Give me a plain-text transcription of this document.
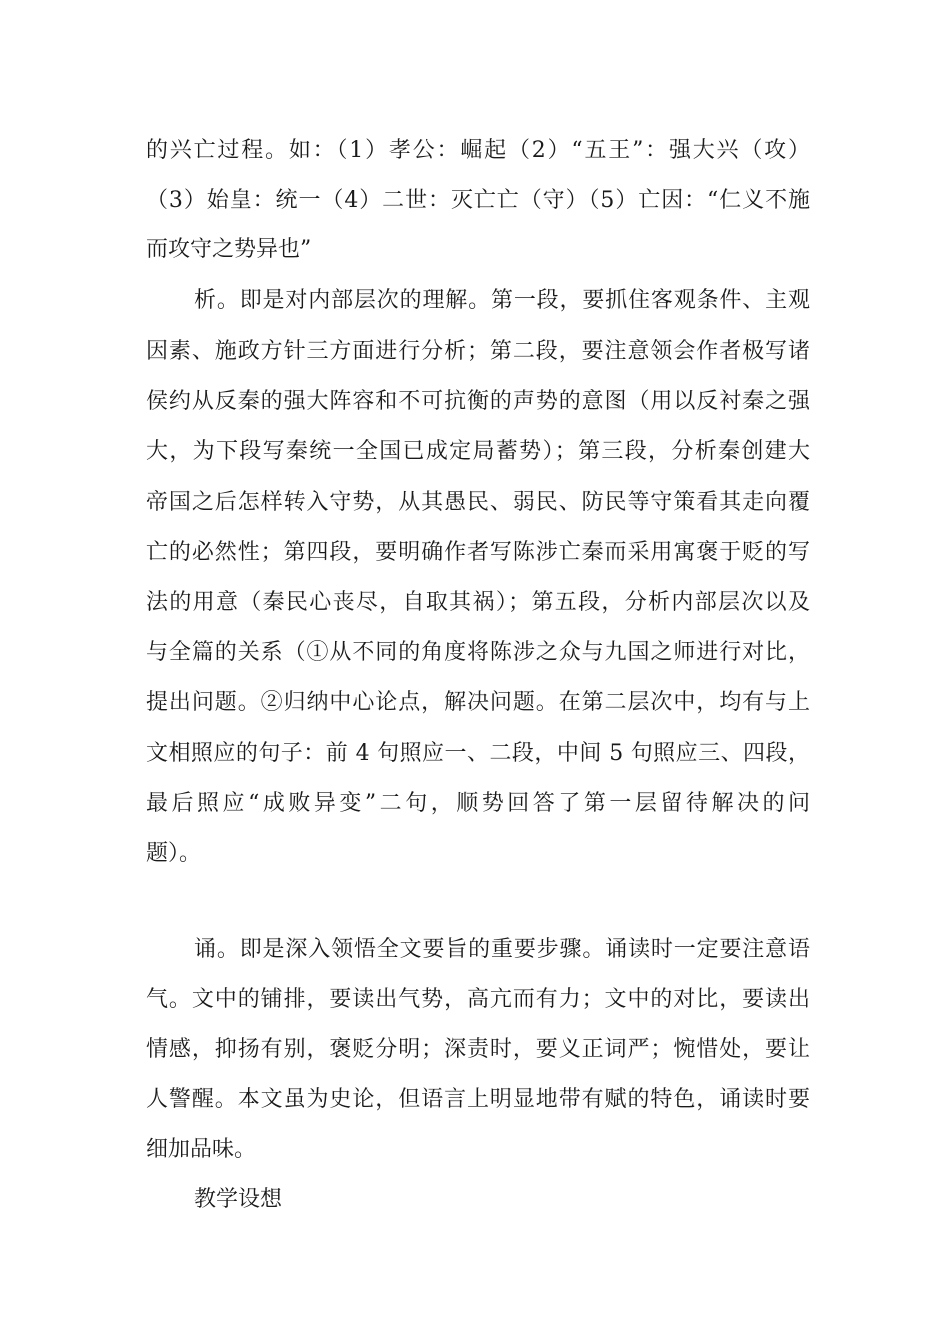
的兴亡过程。如：（1）孝公：崛起（2）“五王”：强大兴（攻）

（3）始皇：统一（4）二世：灭亡亡（守）（5）亡因：“仁义不施

而攻守之势异也”

析。即是对内部层次的理解。第一段，要抓住客观条件、主观

因素、施政方针三方面进行分析；第二段，要注意领会作者极写诸

侯约从反秦的强大阵容和不可抗衡的声势的意图（用以反衬秦之强

大，为下段写秦统一全国已成定局蓄势）；第三段，分析秦创建大

帝国之后怎样转入守势，从其愚民、弱民、防民等守策看其走向覆

亡的必然性；第四段，要明确作者写陈涉亡秦而采用寓褒于贬的写

法的用意（秦民心丧尽，自取其祸）；第五段，分析内部层次以及

与全篇的关系（①从不同的角度将陈涉之众与九国之师进行对比，

提出问题。②归纳中心论点，解决问题。在第二层次中，均有与上

文相照应的句子：前 4 句照应一、二段，中间 5 句照应三、四段，

最后照应“成败异变”二句，顺势回答了第一层留待解决的问

题）。

诵。即是深入领悟全文要旨的重要步骤。诵读时一定要注意语

气。文中的铺排，要读出气势，高亢而有力；文中的对比，要读出

情感，抑扬有别，褒贬分明；深责时，要义正词严；惋惜处，要让

人警醒。本文虽为史论，但语言上明显地带有赋的特色，诵读时要

细加品味。

教学设想
